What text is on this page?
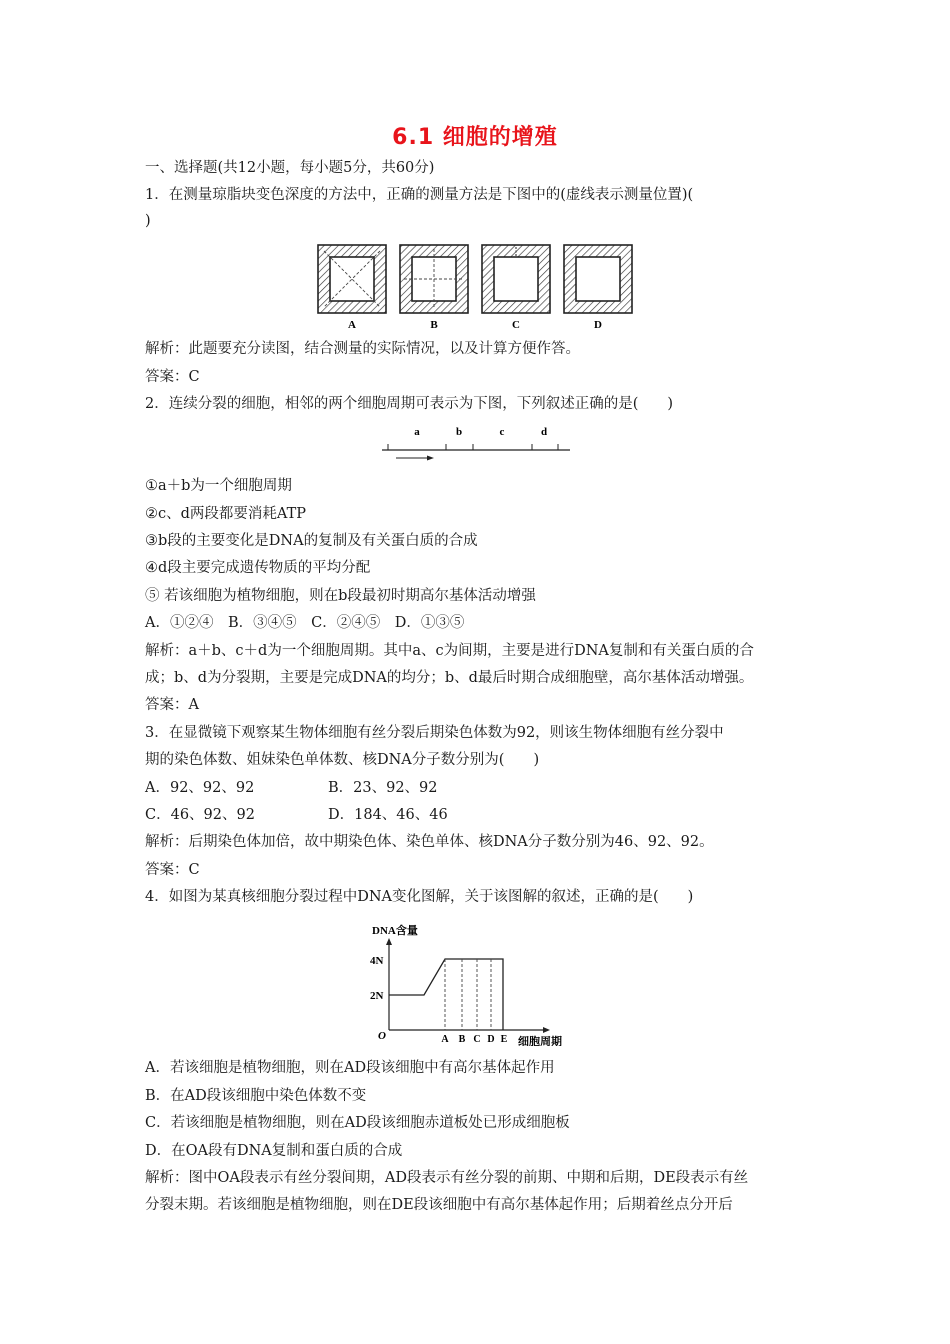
6.1 细胞的增殖
一、选择题(共12小题，每小题5分，共60分)
1．在测量琼脂块变色深度的方法中，正确的测量方法是下图中的(虚线表示测量位置)(
)
A	B	C	D
解析：此题要充分读图，结合测量的实际情况，以及计算方便作答。
答案：C
2．连续分裂的细胞，相邻的两个细胞周期可表示为下图，下列叙述正确的是(　　)
a	b	c	d
①a＋b为一个细胞周期
②c、d两段都要消耗ATP
③b段的主要变化是DNA的复制及有关蛋白质的合成
④d段主要完成遗传物质的平均分配
⑤ 若该细胞为植物细胞，则在b段最初时期高尔基体活动增强
A．①②④　B．③④⑤　C．②④⑤　D．①③⑤
解析：a＋b、c＋d为一个细胞周期。其中a、c为间期，主要是进行DNA复制和有关蛋白质的合
成；b、d为分裂期，主要是完成DNA的均分；b、d最后时期合成细胞壁，高尔基体活动增强。
答案：A
3．在显微镜下观察某生物体细胞有丝分裂后期染色体数为92，则该生物体细胞有丝分裂中
期的染色体数、姐妹染色单体数、核DNA分子数分别为(　　)
A．92、92、92	B．23、92、92
C．46、92、92	D．184、46、46
解析：后期染色体加倍，故中期染色体、染色单体、核DNA分子数分别为46、92、92。
答案：C
4．如图为某真核细胞分裂过程中DNA变化图解，关于该图解的叙述，正确的是(　　)
DNA含量
4N
2N
O	A B C D E 细胞周期
A．若该细胞是植物细胞，则在AD段该细胞中有高尔基体起作用
B．在AD段该细胞中染色体数不变
C．若该细胞是植物细胞，则在AD段该细胞赤道板处已形成细胞板
D．在OA段有DNA复制和蛋白质的合成
解析：图中OA段表示有丝分裂间期，AD段表示有丝分裂的前期、中期和后期，DE段表示有丝
分裂末期。若该细胞是植物细胞，则在DE段该细胞中有高尔基体起作用；后期着丝点分开后
